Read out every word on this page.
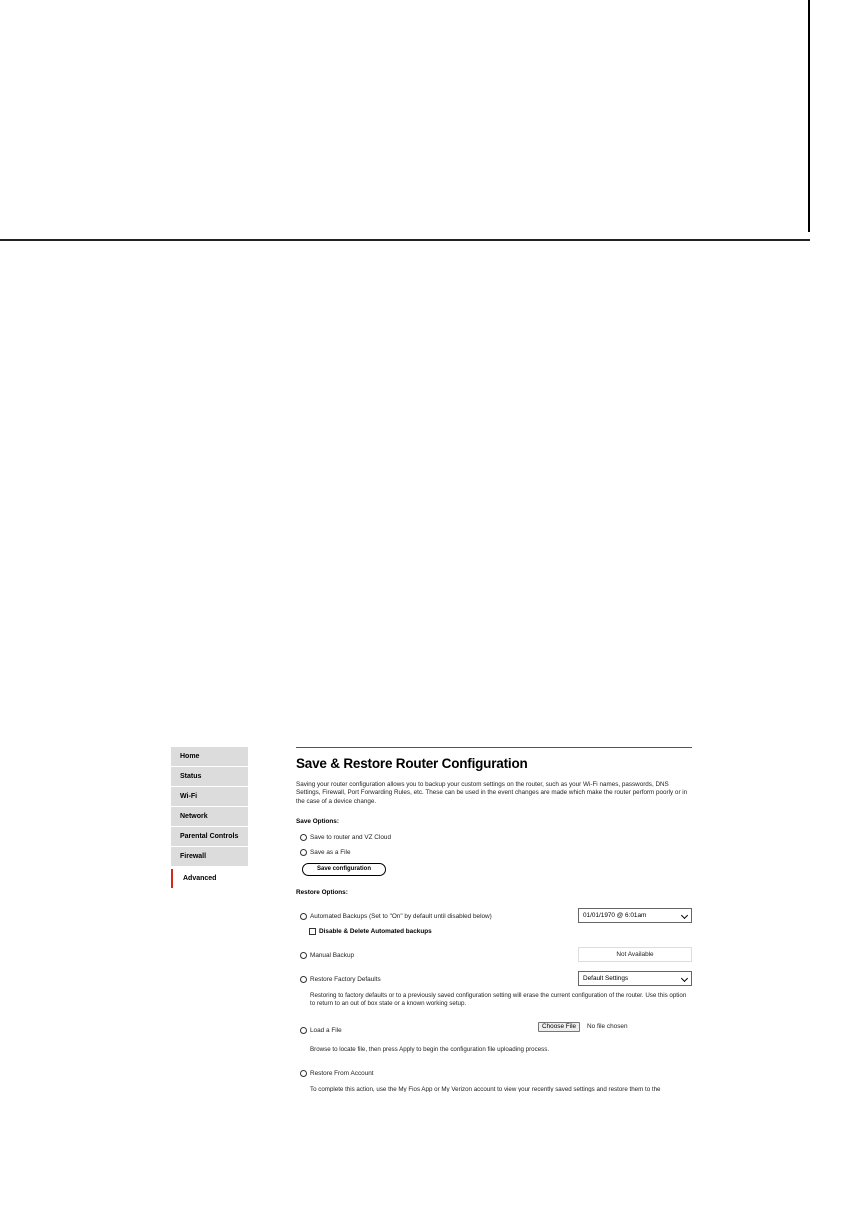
Home
Status
Wi-Fi
Network
Parental Controls
Firewall
Advanced
Save & Restore Router Configuration
Saving your router configuration allows you to backup your custom settings on the router, such as your Wi-Fi names, passwords, DNS Settings, Firewall, Port Forwarding Rules, etc. These can be used in the event changes are made which make the router perform poorly or in the case of a device change.
Save Options:
Save to router and VZ Cloud
Save as a File
Save configuration
Restore Options:
Automated Backups (Set to "On" by default until disabled below)	01/01/1970 @ 6:01am
Disable & Delete Automated backups
Manual Backup	Not Available
Restore Factory Defaults	Default Settings
Restoring to factory defaults or to a previously saved configuration setting will erase the current configuration of the router. Use this option to return to an out of box state or a known working setup.
Load a File	Choose File	No file chosen
Browse to locate file, then press Apply to begin the configuration file uploading process.
Restore From Account
To complete this action, use the My Fios App or My Verizon account to view your recently saved settings and restore them to the
